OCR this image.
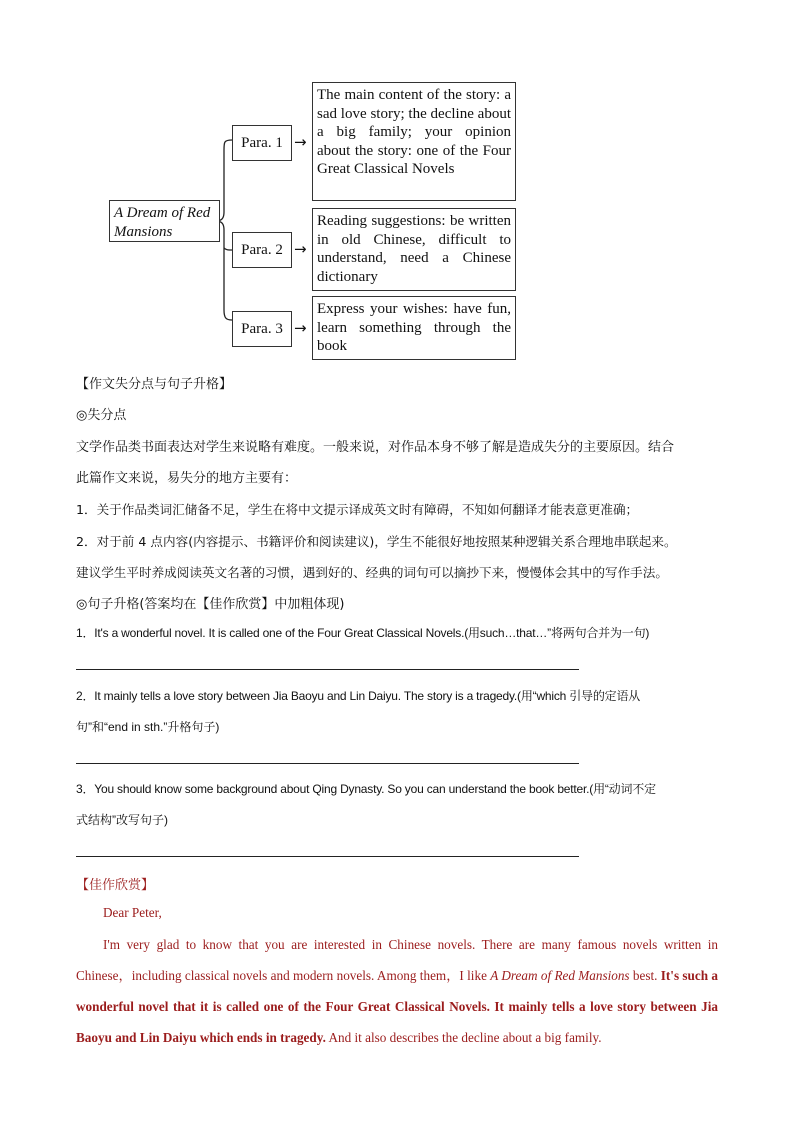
A Dream of Red Mansions
Para. 1
Para. 2
Para. 3
→
→
→
The main content of the story: a sad love story; the decline about a big family; your opinion about the story: one of the Four Great Classical Novels
Reading suggestions: be written in old Chinese, difficult to understand, need a Chinese dictionary
Express your wishes: have fun, learn something through the book
【作文失分点与句子升格】
◎失分点
文学作品类书面表达对学生来说略有难度。一般来说，对作品本身不够了解是造成失分的主要原因。结合
此篇作文来说，易失分的地方主要有：
1．关于作品类词汇储备不足，学生在将中文提示译成英文时有障碍，不知如何翻译才能表意更准确；
2．对于前 4 点内容(内容提示、书籍评价和阅读建议)，学生不能很好地按照某种逻辑关系合理地串联起来。
建议学生平时养成阅读英文名著的习惯，遇到好的、经典的词句可以摘抄下来，慢慢体会其中的写作手法。
◎句子升格(答案均在【佳作欣赏】中加粗体现)
1．It's a wonderful novel. It is called one of the Four Great Classical Novels.(用such…that…”将两句合并为一句)
2．It mainly tells a love story between Jia Baoyu and Lin Daiyu. The story is a tragedy.(用“which 引导的定语从
句”和“end in sth.”升格句子)
3．You should know some background about Qing Dynasty. So you can understand the book better.(用“动词不定
式结构”改写句子)
【佳作欣赏】
Dear Peter,
I'm very glad to know that you are interested in Chinese novels. There are many famous novels written in Chinese，including classical novels and modern novels. Among them，I like A Dream of Red Mansions best. It's such a wonderful novel that it is called one of the Four Great Classical Novels. It mainly tells a love story between Jia Baoyu and Lin Daiyu which ends in tragedy. And it also describes the decline about a big family.
